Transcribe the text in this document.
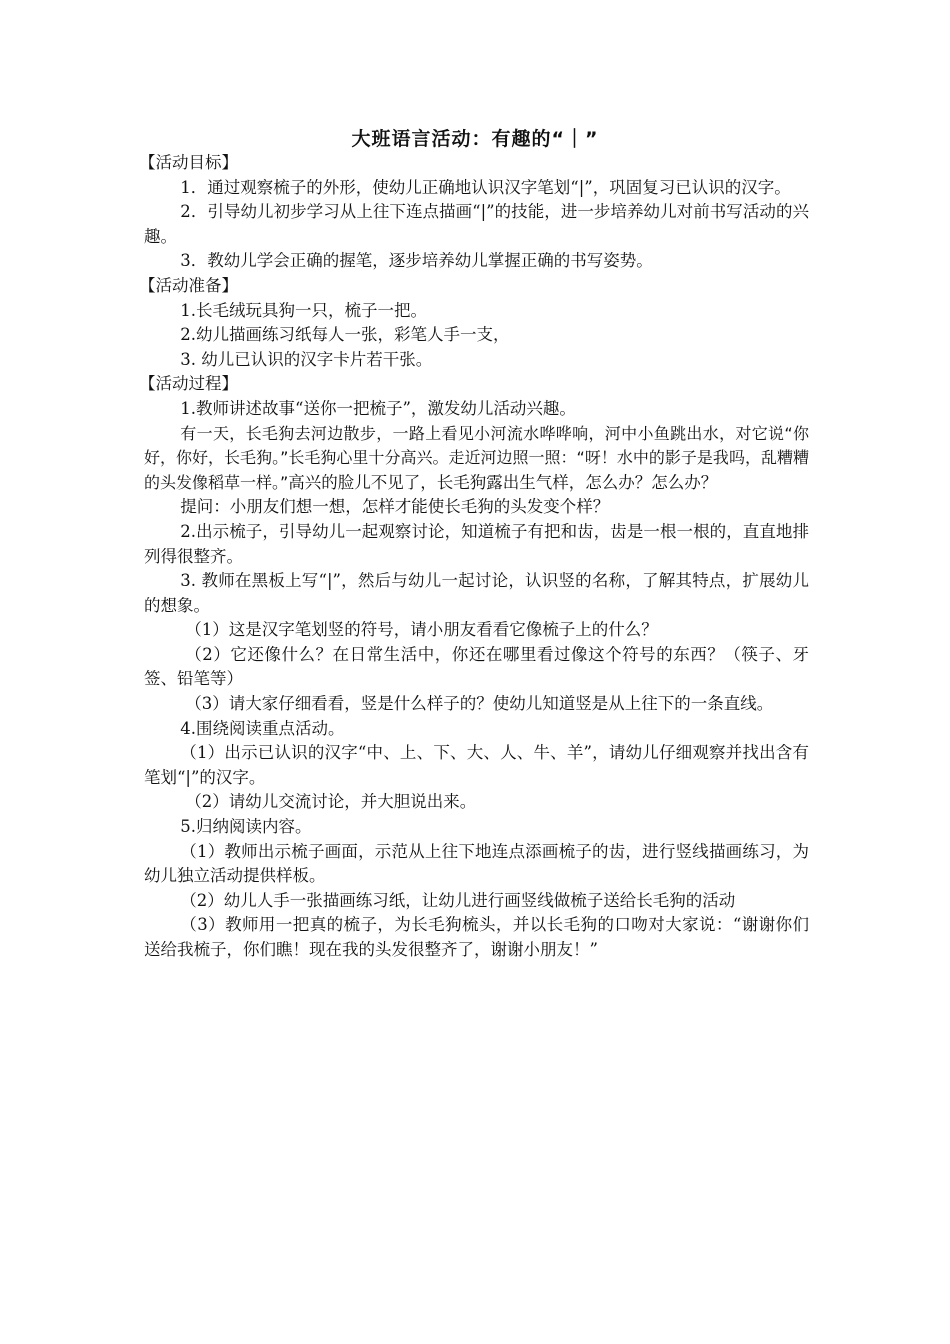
大班语言活动：有趣的“｜”

【活动目标】

1．通过观察梳子的外形，使幼儿正确地认识汉字笔划“|”，巩固复习已认识的汉字。

2．引导幼儿初步学习从上往下连点描画“|”的技能，进一步培养幼儿对前书写活动的兴趣。

3．教幼儿学会正确的握笔，逐步培养幼儿掌握正确的书写姿势。

【活动准备】

1.长毛绒玩具狗一只，梳子一把。

2.幼儿描画练习纸每人一张，彩笔人手一支，

3. 幼儿已认识的汉字卡片若干张。

【活动过程】

1.教师讲述故事“送你一把梳子”，激发幼儿活动兴趣。

有一天，长毛狗去河边散步，一路上看见小河流水哗哗响，河中小鱼跳出水，对它说“你好，你好，长毛狗。”长毛狗心里十分高兴。走近河边照一照：“呀！水中的影子是我吗，乱糟糟的头发像稻草一样。”高兴的脸儿不见了，长毛狗露出生气样，怎么办？怎么办？

提问：小朋友们想一想，怎样才能使长毛狗的头发变个样？

2.出示梳子，引导幼儿一起观察讨论，知道梳子有把和齿，齿是一根一根的，直直地排列得很整齐。

3. 教师在黑板上写“|”，然后与幼儿一起讨论，认识竖的名称，了解其特点，扩展幼儿的想象。

（1）这是汉字笔划竖的符号，请小朋友看看它像梳子上的什么？

（2）它还像什么？在日常生活中，你还在哪里看过像这个符号的东西？（筷子、牙签、铅笔等）

（3）请大家仔细看看，竖是什么样子的？使幼儿知道竖是从上往下的一条直线。

4.围绕阅读重点活动。

（1）出示已认识的汉字“中、上、下、大、人、牛、羊”，请幼儿仔细观察并找出含有笔划“|”的汉字。

（2）请幼儿交流讨论，并大胆说出来。

5.归纳阅读内容。

（1）教师出示梳子画面，示范从上往下地连点添画梳子的齿，进行竖线描画练习，为幼儿独立活动提供样板。

（2）幼儿人手一张描画练习纸，让幼儿进行画竖线做梳子送给长毛狗的活动

（3）教师用一把真的梳子，为长毛狗梳头，并以长毛狗的口吻对大家说：“谢谢你们送给我梳子，你们瞧！现在我的头发很整齐了，谢谢小朋友！”
